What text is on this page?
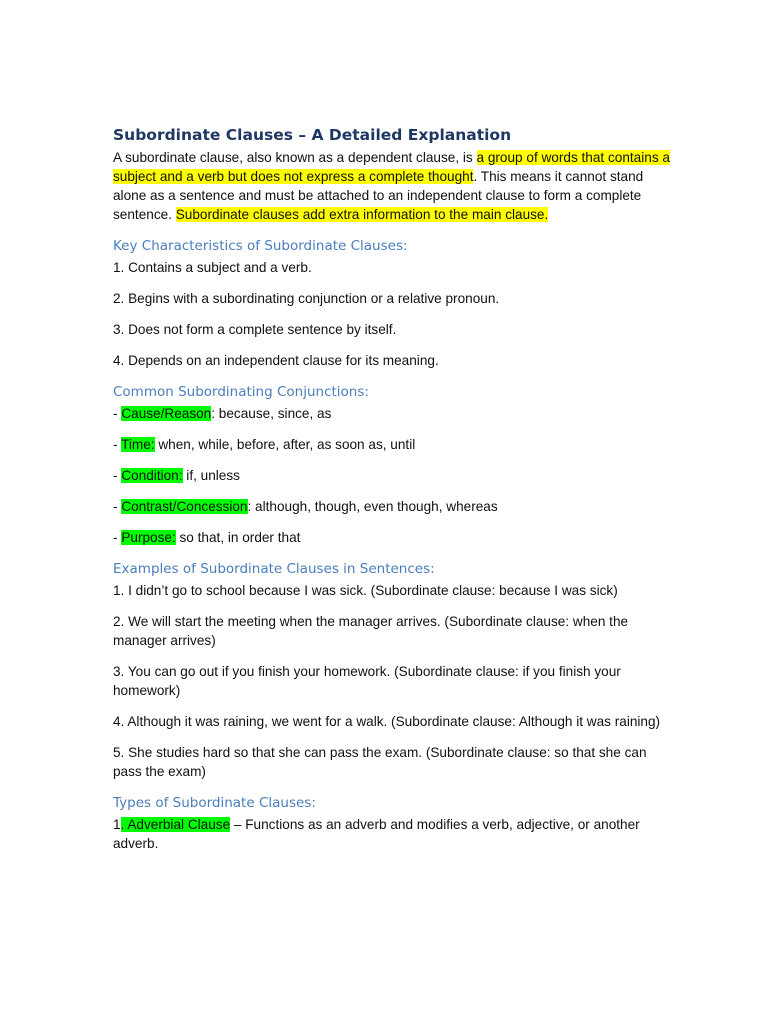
Subordinate Clauses – A Detailed Explanation

A subordinate clause, also known as a dependent clause, is a group of words that contains a subject and a verb but does not express a complete thought. This means it cannot stand alone as a sentence and must be attached to an independent clause to form a complete sentence. Subordinate clauses add extra information to the main clause.

Key Characteristics of Subordinate Clauses:

1. Contains a subject and a verb.

2. Begins with a subordinating conjunction or a relative pronoun.

3. Does not form a complete sentence by itself.

4. Depends on an independent clause for its meaning.

Common Subordinating Conjunctions:

- Cause/Reason: because, since, as

- Time: when, while, before, after, as soon as, until

- Condition: if, unless

- Contrast/Concession: although, though, even though, whereas

- Purpose: so that, in order that

Examples of Subordinate Clauses in Sentences:

1. I didn’t go to school because I was sick. (Subordinate clause: because I was sick)

2. We will start the meeting when the manager arrives. (Subordinate clause: when the manager arrives)

3. You can go out if you finish your homework. (Subordinate clause: if you finish your homework)

4. Although it was raining, we went for a walk. (Subordinate clause: Although it was raining)

5. She studies hard so that she can pass the exam. (Subordinate clause: so that she can pass the exam)

Types of Subordinate Clauses:

1. Adverbial Clause – Functions as an adverb and modifies a verb, adjective, or another adverb.
